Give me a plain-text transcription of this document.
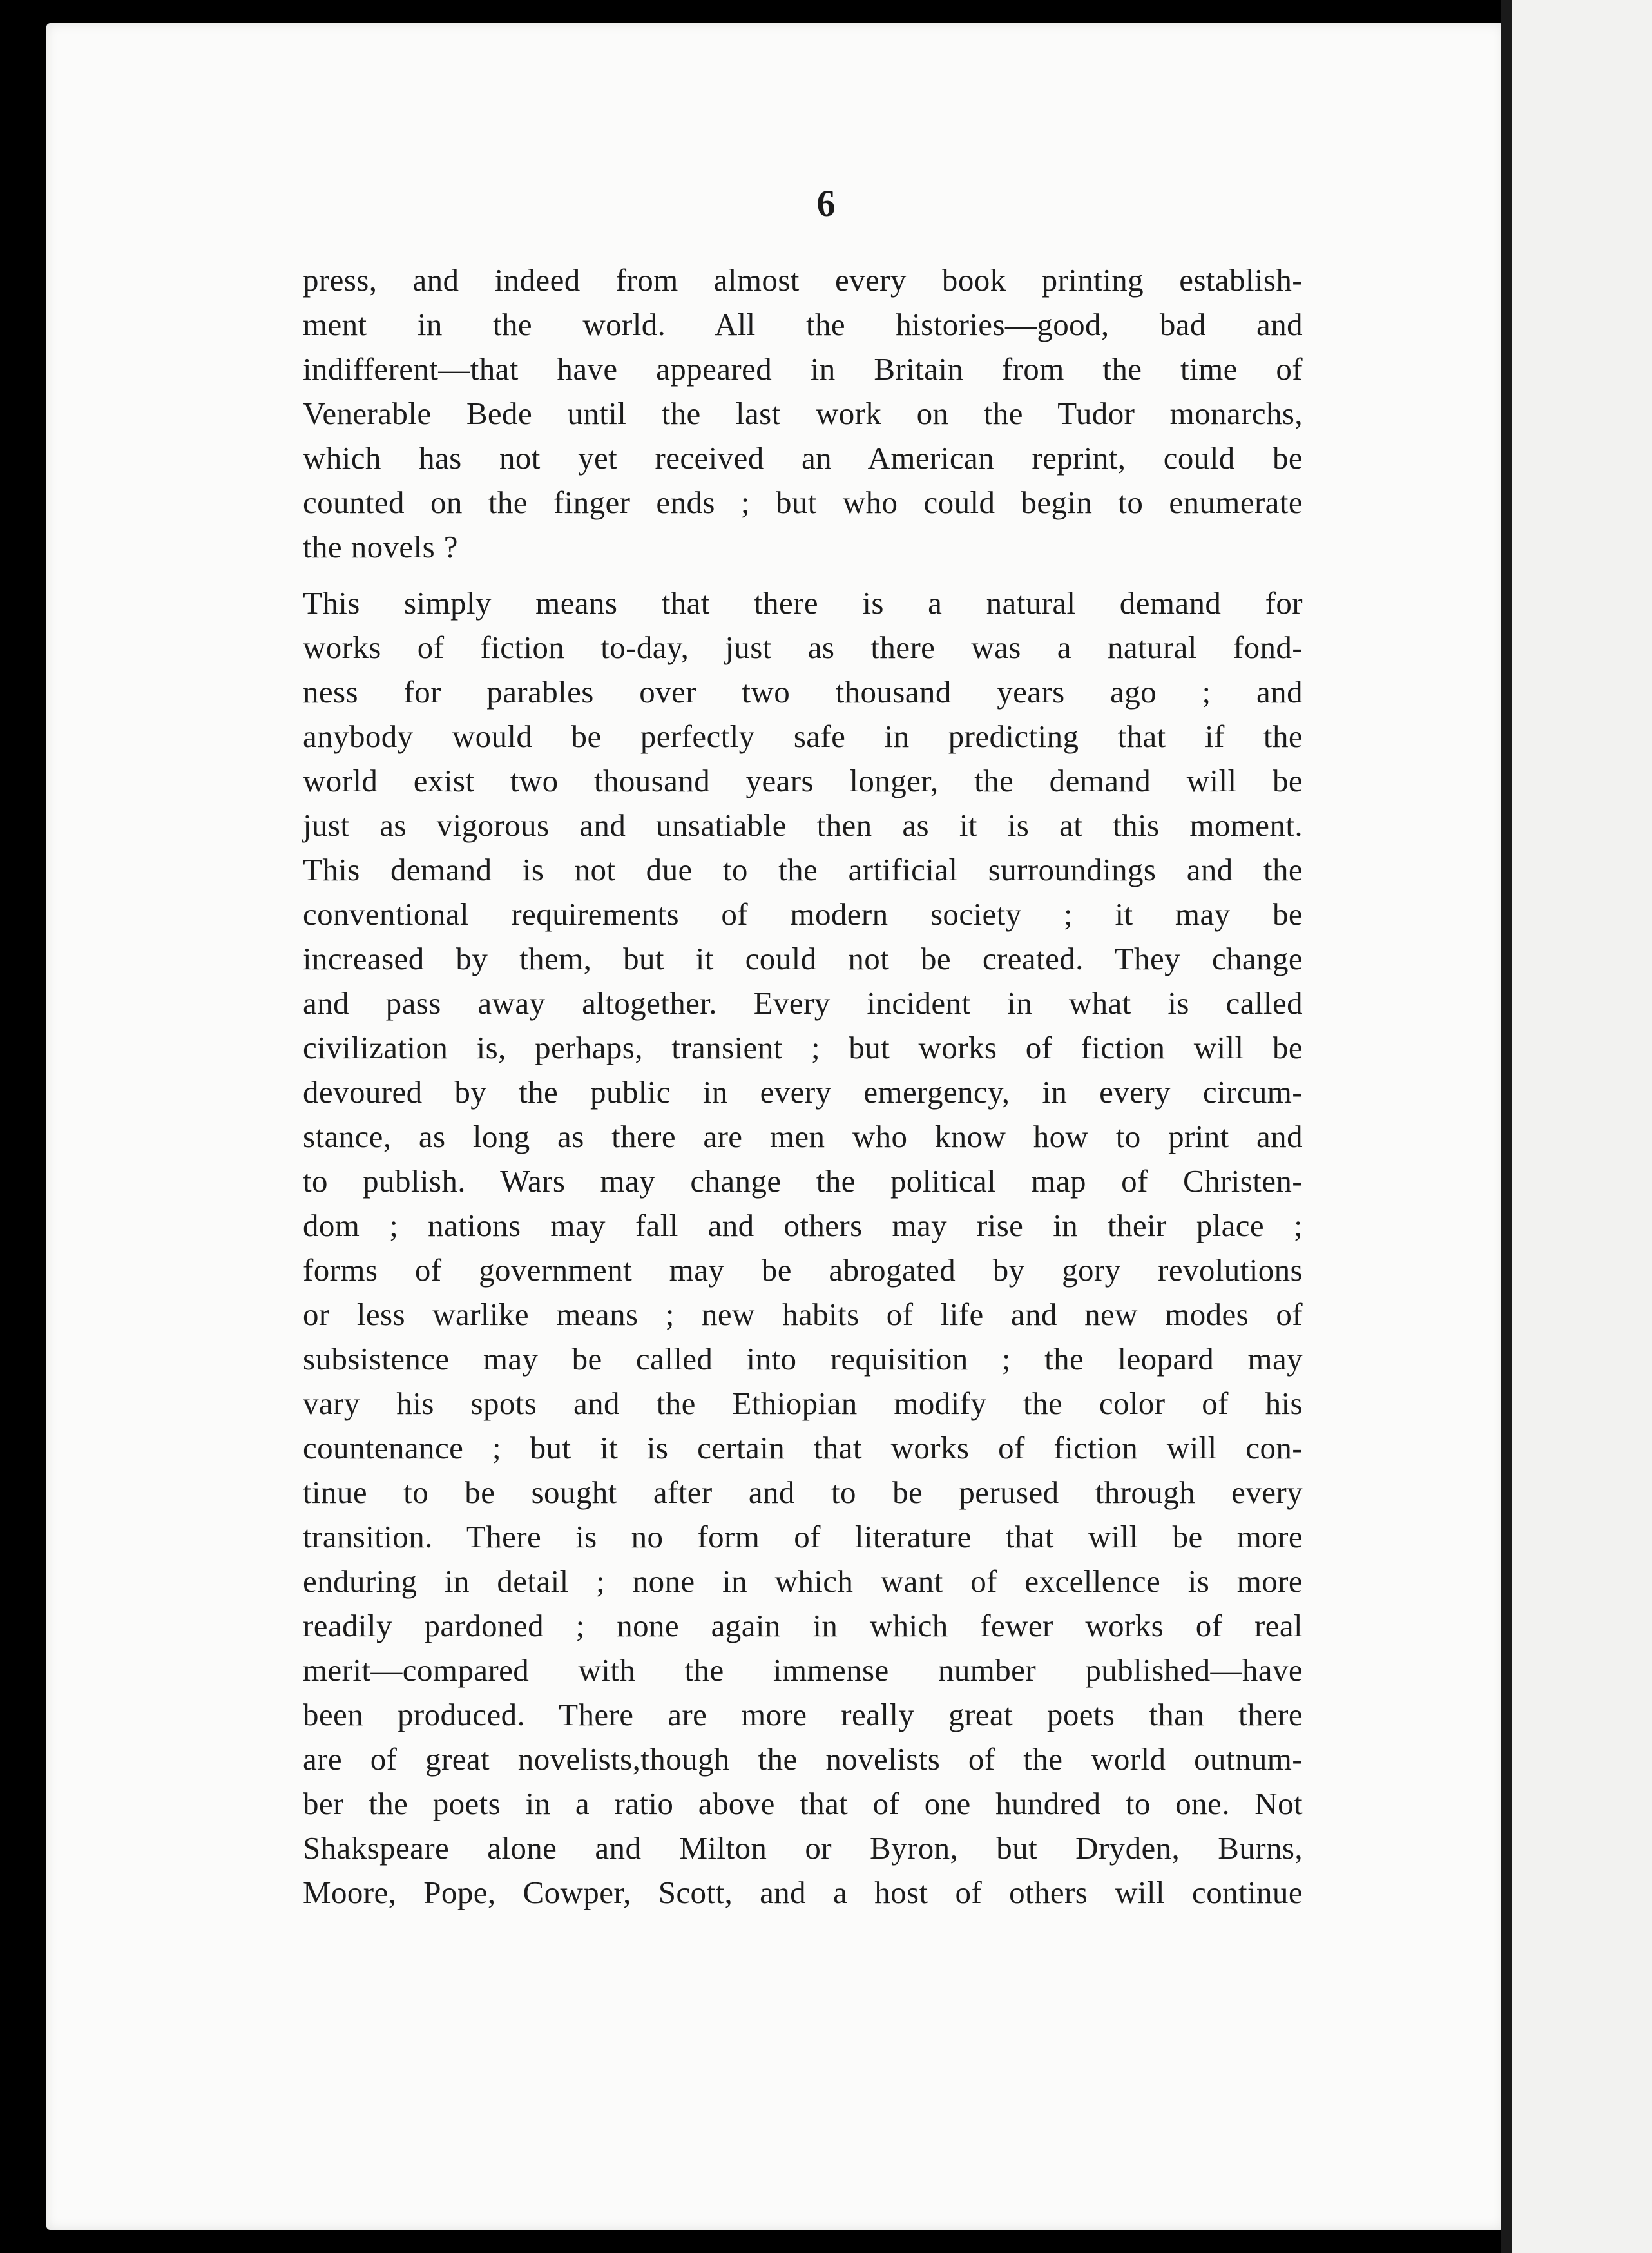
6
press, and indeed from almost every book printing establish-
ment in the world. All the histories—good, bad and
indifferent—that have appeared in Britain from the time of
Venerable Bede until the last work on the Tudor monarchs,
which has not yet received an American reprint, could be
counted on the finger ends ; but who could begin to enumerate
the novels ?
This simply means that there is a natural demand for
works of fiction to-day, just as there was a natural fond-
ness for parables over two thousand years ago ; and
anybody would be perfectly safe in predicting that if the
world exist two thousand years longer, the demand will be
just as vigorous and unsatiable then as it is at this moment.
This demand is not due to the artificial surroundings and the
conventional requirements of modern society ; it may be
increased by them, but it could not be created. They change
and pass away altogether. Every incident in what is called
civilization is, perhaps, transient ; but works of fiction will be
devoured by the public in every emergency, in every circum-
stance, as long as there are men who know how to print and
to publish. Wars may change the political map of Christen-
dom ; nations may fall and others may rise in their place ;
forms of government may be abrogated by gory revolutions
or less warlike means ; new habits of life and new modes of
subsistence may be called into requisition ; the leopard may
vary his spots and the Ethiopian modify the color of his
countenance ; but it is certain that works of fiction will con-
tinue to be sought after and to be perused through every
transition. There is no form of literature that will be more
enduring in detail ; none in which want of excellence is more
readily pardoned ; none again in which fewer works of real
merit—compared with the immense number published—have
been produced. There are more really great poets than there
are of great novelists,though the novelists of the world outnum-
ber the poets in a ratio above that of one hundred to one. Not
Shakspeare alone and Milton or Byron, but Dryden, Burns,
Moore, Pope, Cowper, Scott, and a host of others will continue
